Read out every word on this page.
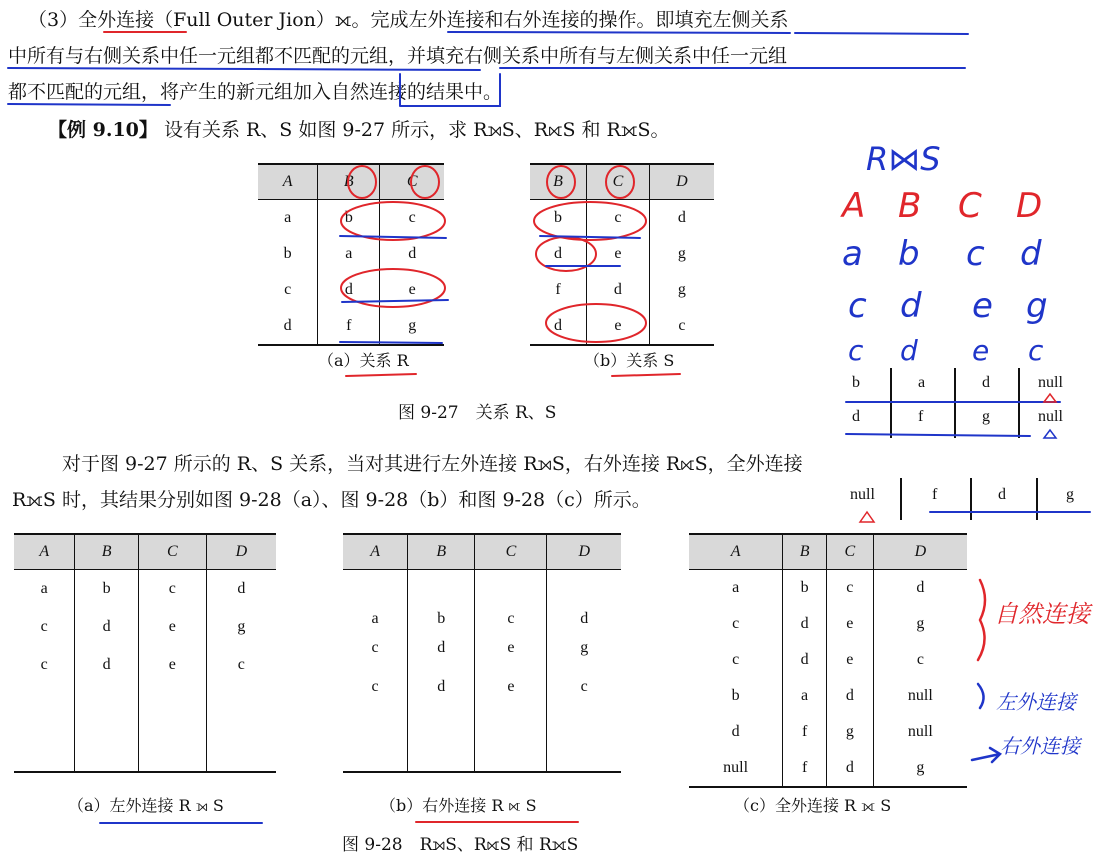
（3）全外连接（Full Outer Jion）⟗。完成左外连接和右外连接的操作。即填充左侧关系
中所有与右侧关系中任一元组都不匹配的元组，并填充右侧关系中所有与左侧关系中任一元组
都不匹配的元组，将产生的新元组加入自然连接的结果中。
【例 9.10】 设有关系 R、S 如图 9-27 所示，求 R⟕S、R⟖S 和 R⟗S。
A	B	C
a	b	c
b	a	d
c	d	e
d	f	g
（a）关系 R
B	C	D
b	c	d
d	e	g
f	d	g
d	e	c
（b）关系 S
图 9-27　关系 R、S
对于图 9-27 所示的 R、S 关系，当对其进行左外连接 R⟕S，右外连接 R⟖S，全外连接
R⟗S 时，其结果分别如图 9-28（a）、图 9-28（b）和图 9-28（c）所示。
A	B	C	D
a	b	c	d
c	d	e	g
c	d	e	c

（a）左外连接 R ⟕ S
A	B	C	D
a	b	c	d
c	d	e	g
c	d	e	c

（b）右外连接 R ⟖ S
A	B	C	D
a	b	c	d
c	d	e	g
c	d	e	c
b	a	d	null
d	f	g	null
null	f	d	g
（c）全外连接 R ⟗ S
图 9-28　R⟕S、R⟖S 和 R⟗S
R⋈S
A B C D
a b c d
c d e g
c d e c
b	a	d	null
d	f	g	null
null	f	d	g
自然连接
左外连接
右外连接
